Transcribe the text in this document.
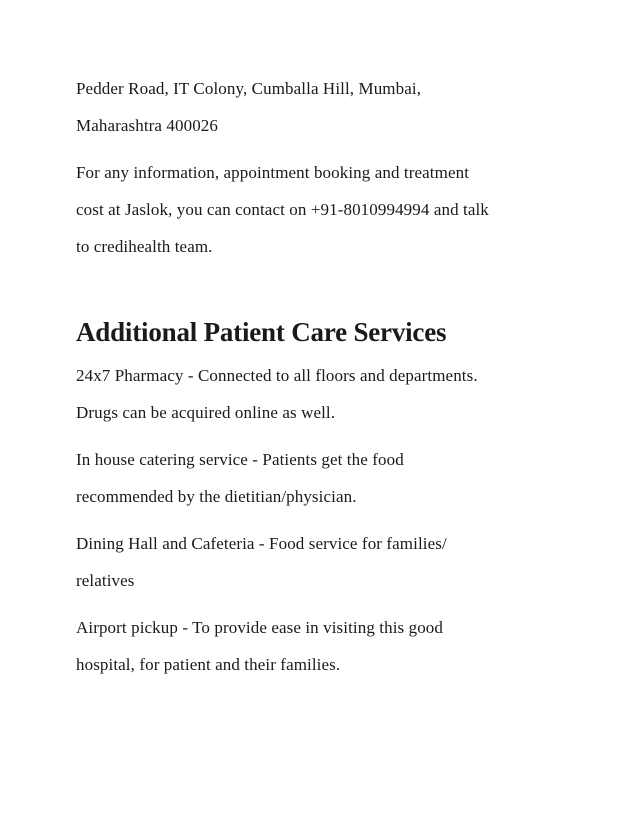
Pedder Road, IT Colony, Cumballa Hill, Mumbai,

Maharashtra 400026

For any information, appointment booking and treatment

cost at Jaslok, you can contact on +91-8010994994 and talk

to credihealth team.

Additional Patient Care Services

24x7 Pharmacy - Connected to all floors and departments.

Drugs can be acquired online as well.

In house catering service - Patients get the food

recommended by the dietitian/physician.

Dining Hall and Cafeteria - Food service for families/

relatives

Airport pickup - To provide ease in visiting this good

hospital, for patient and their families.
